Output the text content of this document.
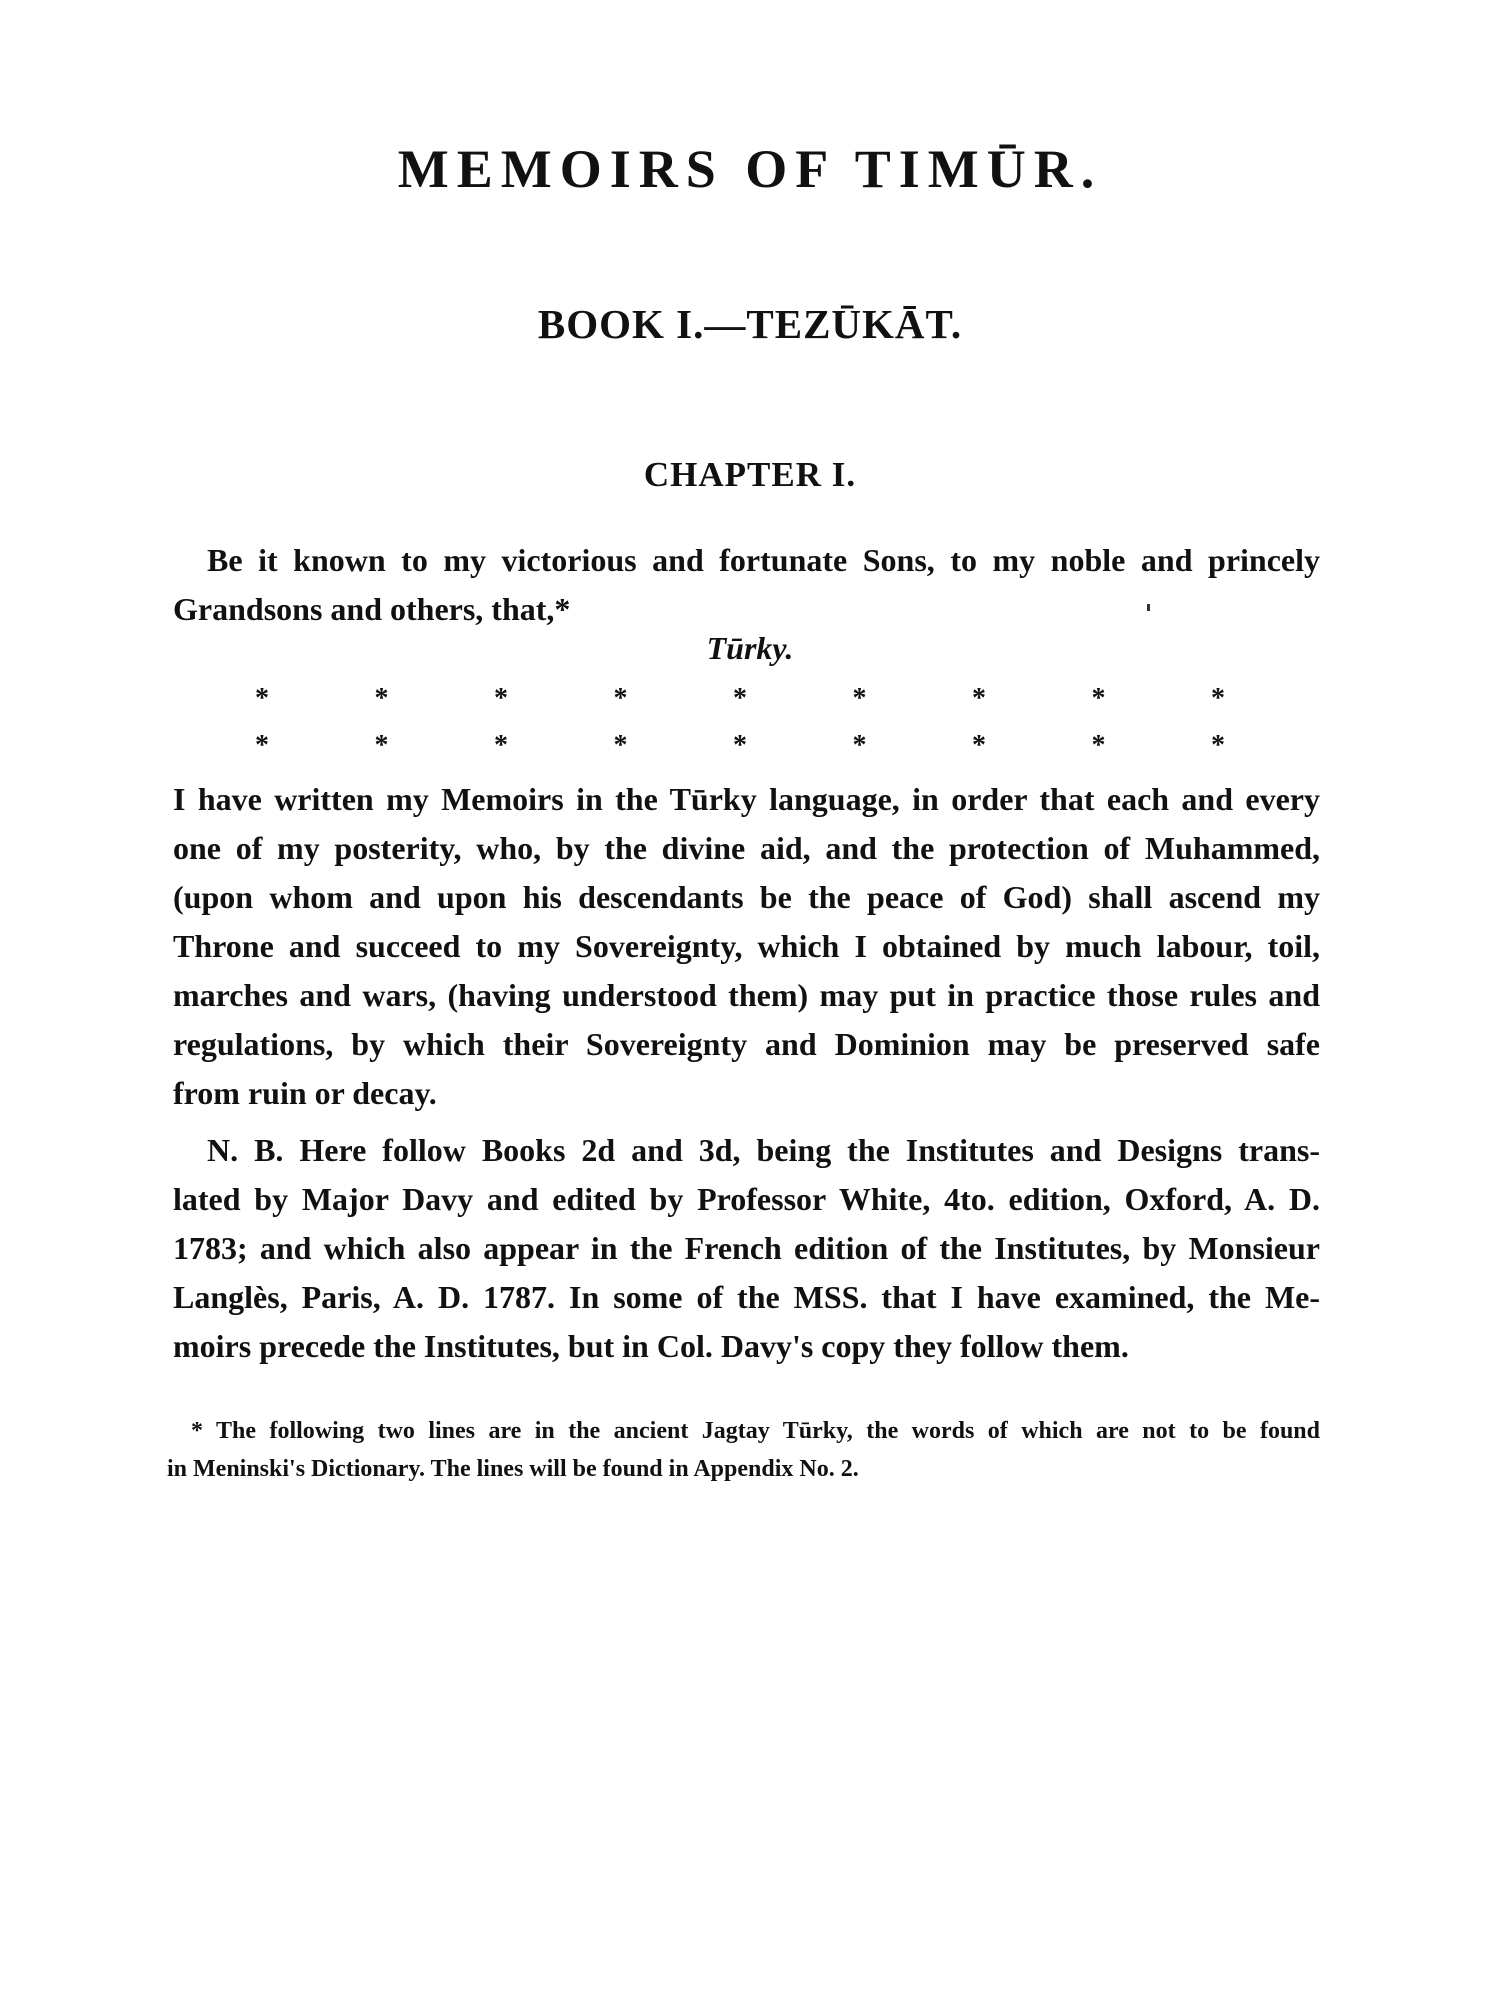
MEMOIRS OF TIMŪR.
BOOK I.—TEZŪKĀT.
CHAPTER I.
Be it known to my victorious and fortunate Sons, to my noble and princely
Grandsons and others, that,*
Tūrky.
*	*	*	*	*	*	*	*	*
*	*	*	*	*	*	*	*	*
I have written my Memoirs in the Tūrky language, in order that each and every
one of my posterity, who, by the divine aid, and the protection of Muhammed,
(upon whom and upon his descendants be the peace of God) shall ascend my
Throne and succeed to my Sovereignty, which I obtained by much labour, toil,
marches and wars, (having understood them) may put in practice those rules and
regulations, by which their Sovereignty and Dominion may be preserved safe
from ruin or decay.
N. B. Here follow Books 2d and 3d, being the Institutes and Designs trans-
lated by Major Davy and edited by Professor White, 4to. edition, Oxford, A. D.
1783; and which also appear in the French edition of the Institutes, by Monsieur
Langlès, Paris, A. D. 1787. In some of the MSS. that I have examined, the Me-
moirs precede the Institutes, but in Col. Davy's copy they follow them.
* The following two lines are in the ancient Jagtay Tūrky, the words of which are not to be found
in Meninski's Dictionary. The lines will be found in Appendix No. 2.
